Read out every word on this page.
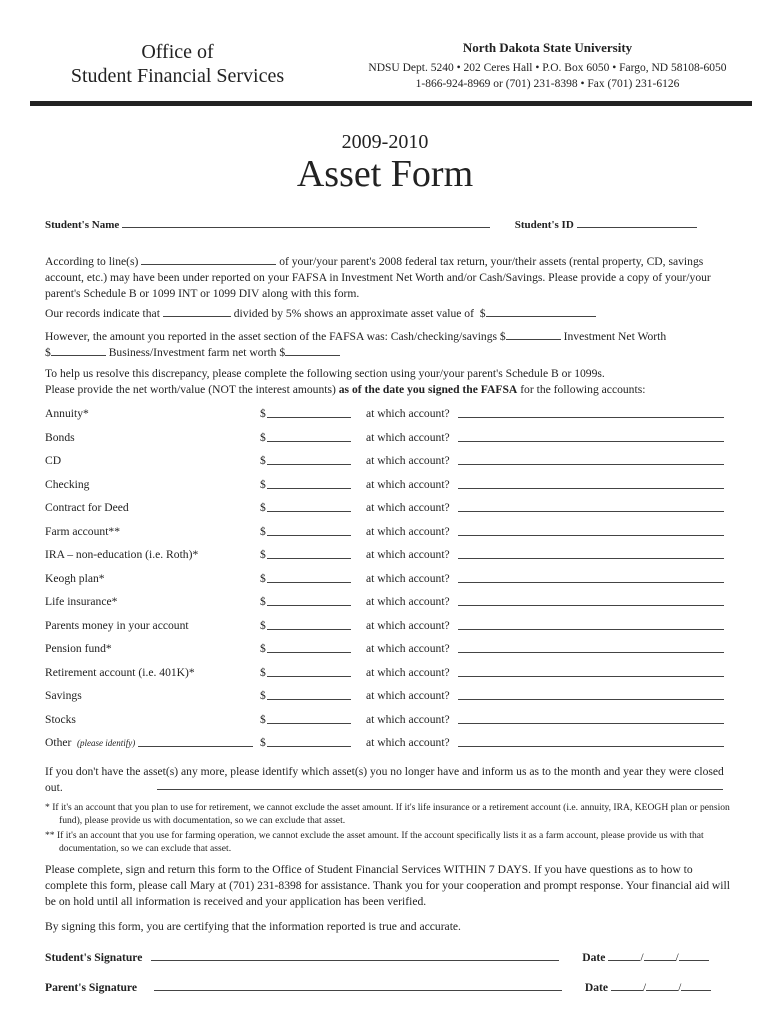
Office of
Student Financial Services
North Dakota State University
NDSU Dept. 5240 • 202 Ceres Hall • P.O. Box 6050 • Fargo, ND 58108-6050
1-866-924-8969 or (701) 231-8398 • Fax (701) 231-6126
2009-2010
Asset Form
Student's Name	Student's ID

According to line(s)	of your/your parent's 2008 federal tax return, your/their assets (rental property, CD, savings account, etc.) may have been under reported on your FAFSA in Investment Net Worth and/or Cash/Savings. Please provide a copy of your/your parent's Schedule B or 1099 INT or 1099 DIV along with this form.

Our records indicate that	divided by 5% shows an approximate asset value of $

However, the amount you reported in the asset section of the FAFSA was: Cash/checking/savings $	Investment Net Worth
$	Business/Investment farm net worth $

To help us resolve this discrepancy, please complete the following section using your/your parent's Schedule B or 1099s.
Please provide the net worth/value (NOT the interest amounts) as of the date you signed the FAFSA for the following accounts:

Annuity*	$	at which account?
Bonds	$	at which account?
CD	$	at which account?
Checking	$	at which account?
Contract for Deed	$	at which account?
Farm account**	$	at which account?
IRA – non-education (i.e. Roth)*	$	at which account?
Keogh plan*	$	at which account?
Life insurance*	$	at which account?
Parents money in your account	$	at which account?
Pension fund*	$	at which account?
Retirement account (i.e. 401K)*	$	at which account?
Savings	$	at which account?
Stocks	$	at which account?
Other (please identify)	$	at which account?

If you don't have the asset(s) any more, please identify which asset(s) you no longer have and inform us as to the month and year they were closed out.

* If it's an account that you plan to use for retirement, we cannot exclude the asset amount. If it's life insurance or a retirement account (i.e. annuity, IRA, KEOGH plan or pension fund), please provide us with documentation, so we can exclude that asset.
** If it's an account that you use for farming operation, we cannot exclude the asset amount. If the account specifically lists it as a farm account, please provide us with that documentation, so we can exclude that asset.

Please complete, sign and return this form to the Office of Student Financial Services WITHIN 7 DAYS. If you have questions as to how to complete this form, please call Mary at (701) 231-8398 for assistance. Thank you for your cooperation and prompt response. Your financial aid will be on hold until all information is received and your application has been verified.

By signing this form, you are certifying that the information reported is true and accurate.

Student's Signature	Date	/	/
Parent's Signature	Date	/	/
